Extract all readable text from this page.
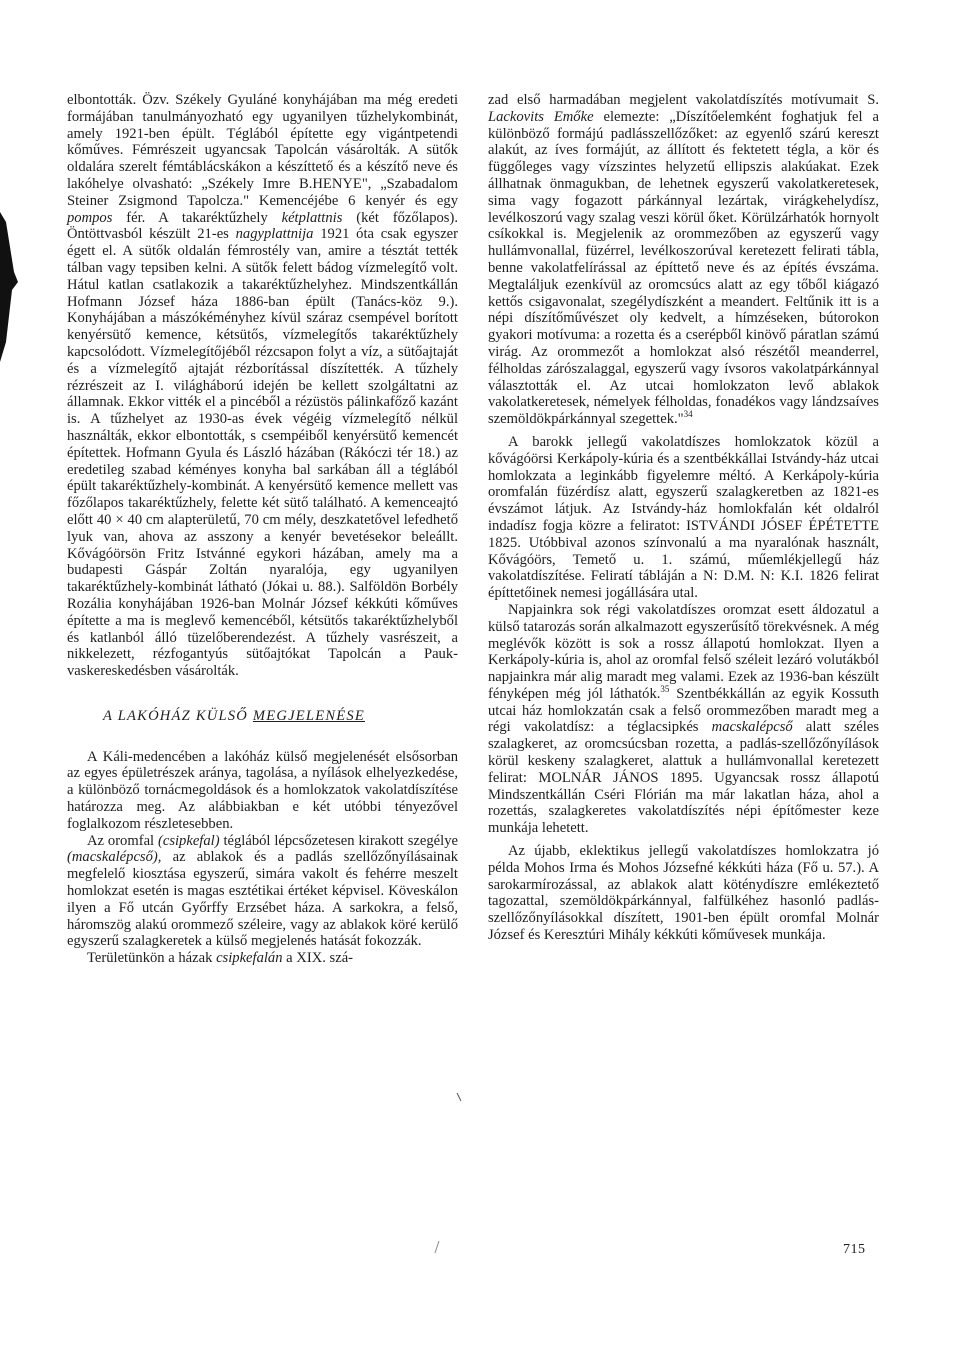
elbontották. Özv. Székely Gyuláné konyhájában ma még eredeti formájában tanulmányozható egy ugyanilyen tűzhelykombinát, amely 1921-ben épült. Téglából építette egy vigántpetendi kőműves. Fémrészeit ugyancsak Tapolcán vásárolták. A sütők oldalára szerelt fémtáblácskákon a készíttető és a készítő neve és lakóhelye olvasható: „Székely Imre B.HENYE", „Szabadalom Steiner Zsigmond Tapolcza." Kemencéjébe 6 kenyér és egy pompos fér. A takaréktűzhely kétplattnis (két főzőlapos). Öntöttvasból készült 21-es nagyplattnija 1921 óta csak egyszer égett el. A sütők oldalán fémrostély van, amire a tésztát tették tálban vagy tepsiben kelni. A sütők felett bádog vízmelegítő volt. Hátul katlan csatlakozik a takaréktűzhelyhez. Mindszentkállán Hofmann József háza 1886-ban épült (Tanács-köz 9.). Konyhájában a mászókéményhez kívül száraz csempével borított kenyérsütő kemence, kétsütős, vízmelegítős takaréktűzhely kapcsolódott. Vízmelegítőjéből rézcsapon folyt a víz, a sütőajtaját és a vízmelegítő ajtaját rézborítással díszítették. A tűzhely rézrészeit az I. világháború idején be kellett szolgáltatni az államnak. Ekkor vitték el a pincéből a rézüstös pálinkafőző kazánt is. A tűzhelyet az 1930-as évek végéig vízmelegítő nélkül használták, ekkor elbontották, s csempéiből kenyérsütő kemencét építettek. Hofmann Gyula és László házában (Rákóczi tér 18.) az eredetileg szabad kéményes konyha bal sarkában áll a téglából épült takaréktűzhely-kombinát. A kenyérsütő kemence mellett vas főzőlapos takaréktűzhely, felette két sütő található. A kemenceajtó előtt 40 × 40 cm alapterületű, 70 cm mély, deszkatetővel lefedhető lyuk van, ahova az asszony a kenyér bevetésekor beleállt. Kővágóörsön Fritz Istvánné egykori házában, amely ma a budapesti Gáspár Zoltán nyaralója, egy ugyanilyen takaréktűzhely-kombinát látható (Jókai u. 88.). Salföldön Borbély Rozália konyhájában 1926-ban Molnár József kékkúti kőműves építette a ma is meglevő kemencéből, kétsütős takaréktűzhelyből és katlanból álló tüzelőberendezést. A tűzhely vasrészeit, a nikkelezett, rézfogantyús sütőajtókat Tapolcán a Pauk-vaskereskedésben vásárolták.

A LAKÓHÁZ KÜLSŐ MEGJELENÉSE

A Káli-medencében a lakóház külső megjelenését elsősorban az egyes épületrészek aránya, tagolása, a nyílások elhelyezkedése, a különböző tornácmegoldások és a homlokzatok vakolatdíszítése határozza meg. Az alábbiakban e két utóbbi tényezővel foglalkozom részletesebben.

Az oromfal (csipkefal) téglából lépcsőzetesen kirakott szegélye (macskalépcső), az ablakok és a padlás szellőzőnyílásainak megfelelő kiosztása egyszerű, simára vakolt és fehérre meszelt homlokzat esetén is magas esztétikai értéket képvisel. Köveskálon ilyen a Fő utcán Győrffy Erzsébet háza. A sarkokra, a felső, háromszög alakú orommező széleire, vagy az ablakok köré kerülő egyszerű szalagkeretek a külső megjelenés hatását fokozzák.

Területünkön a házak csipkefalán a XIX. szá-

zad első harmadában megjelent vakolatdíszítés motívumait S. Lackovits Emőke elemezte: „Díszítőelemként foghatjuk fel a különböző formájú padlásszellőzőket: az egyenlő szárú kereszt alakút, az íves formájút, az állított és fektetett tégla, a kör és függőleges vagy vízszintes helyzetű ellipszis alakúakat. Ezek állhatnak önmagukban, de lehetnek egyszerű vakolatkeretesek, sima vagy fogazott párkánnyal lezártak, virágkehelydísz, levélkoszorú vagy szalag veszi körül őket. Körülzárhatók hornyolt csíkokkal is. Megjelenik az orommezőben az egyszerű vagy hullámvonallal, füzérrel, levélkoszorúval keretezett felirati tábla, benne vakolatfelírással az építtető neve és az építés évszáma. Megtaláljuk ezenkívül az oromcsúcs alatt az egy tőből kiágazó kettős csigavonalat, szegélydíszként a meandert. Feltűnik itt is a népi díszítőművészet oly kedvelt, a hímzéseken, bútorokon gyakori motívuma: a rozetta és a cserépből kinövő páratlan számú virág. Az orommezőt a homlokzat alsó részétől meanderrel, félholdas zárószalaggal, egyszerű vagy ívsoros vakolatpárkánnyal választották el. Az utcai homlokzaton levő ablakok vakolatkeretesek, némelyek félholdas, fonadékos vagy lándzsaíves szemöldökpárkánnyal szegettek."$^{34}$

A barokk jellegű vakolatdíszes homlokzatok közül a kővágóörsi Kerkápoly-kúria és a szentbékkállai Istvándy-ház utcai homlokzata a leginkább figyelemre méltó. A Kerkápoly-kúria oromfalán füzérdísz alatt, egyszerű szalagkeretben az 1821-es évszámot látjuk. Az Istvándy-ház homlokfalán két oldalról indadísz fogja közre a feliratot: ISTVÁNDI JÓSEF ÉPÉTETTE 1825. Utóbbival azonos színvonalú a ma nyaralónak használt, Kővágóörs, Temető u. 1. számú, műemlékjellegű ház vakolatdíszítése. Feliratí tábláján a N: D.M. N: K.I. 1826 felirat építtetőinek nemesi jogállására utal.

Napjainkra sok régi vakolatdíszes oromzat esett áldozatul a külső tatarozás során alkalmazott egyszerűsítő törekvésnek. A még meglévők között is sok a rossz állapotú homlokzat. Ilyen a Kerkápoly-kúria is, ahol az oromfal felső széleit lezáró volutákból napjainkra már alig maradt meg valami. Ezek az 1936-ban készült fényképen még jól láthatók.$^{35}$ Szentbékkállán az egyik Kossuth utcai ház homlokzatán csak a felső orommezőben maradt meg a régi vakolatdísz: a téglacsipkés macskalépcső alatt széles szalagkeret, az oromcsúcsban rozetta, a padlás-szellőzőnyílások körül keskeny szalagkeret, alattuk a hullámvonallal keretezett felirat: MOLNÁR JÁNOS 1895. Ugyancsak rossz állapotú Mindszentkállán Cséri Flórián ma már lakatlan háza, ahol a rozettás, szalagkeretes vakolatdíszítés népi építőmester keze munkája lehetett.

Az újabb, eklektikus jellegű vakolatdíszes homlokzatra jó példa Mohos Irma és Mohos Józsefné kékkúti háza (Fő u. 57.). A sarokarmírozással, az ablakok alatt köténydíszre emlékeztető tagozattal, szemöldökpárkánnyal, falfülkéhez hasonló padlás-szellőzőnyílásokkal díszített, 1901-ben épült oromfal Molnár József és Keresztúri Mihály kékkúti kőművesek munkája.

715
